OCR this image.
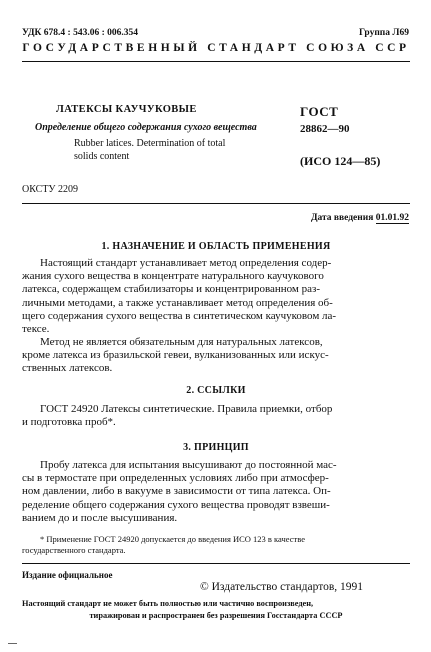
УДК 678.4 : 543.06 : 006.354	Группа Л69
ГОСУДАРСТВЕННЫЙ СТАНДАРТ СОЮЗА ССР
ЛАТЕКСЫ КАУЧУКОВЫЕ
Определение общего содержания сухого вещества
Rubber latices. Determination of total
solids content
ОКСТУ 2209
ГОСТ
28862—90
(ИСО 124—85)
Дата введения 01.01.92
1. НАЗНАЧЕНИЕ И ОБЛАСТЬ ПРИМЕНЕНИЯ
Настоящий стандарт устанавливает метод определения содер-
жания сухого вещества в концентрате натурального каучукового
латекса, содержащем стабилизаторы и концентрированном раз-
личными методами, а также устанавливает метод определения об-
щего содержания сухого вещества в синтетическом каучуковом ла-
тексе.
Метод не является обязательным для натуральных латексов,
кроме латекса из бразильской гевеи, вулканизованных или искус-
ственных латексов.
2. ССЫЛКИ
ГОСТ 24920 Латексы синтетические. Правила приемки, отбор
и подготовка проб*.
3. ПРИНЦИП
Пробу латекса для испытания высушивают до постоянной мас-
сы в термостате при определенных условиях либо при атмосфер-
ном давлении, либо в вакууме в зависимости от типа латекса. Оп-
ределение общего содержания сухого вещества проводят взвеши-
ванием до и после высушивания.
* Применение ГОСТ 24920 допускается до введения ИСО 123 в качестве
государственного стандарта.
Издание официальное
© Издательство стандартов, 1991
Настоящий стандарт не может быть полностью или частично воспроизведен,
тиражирован и распространен без разрешения Госстандарта СССР
